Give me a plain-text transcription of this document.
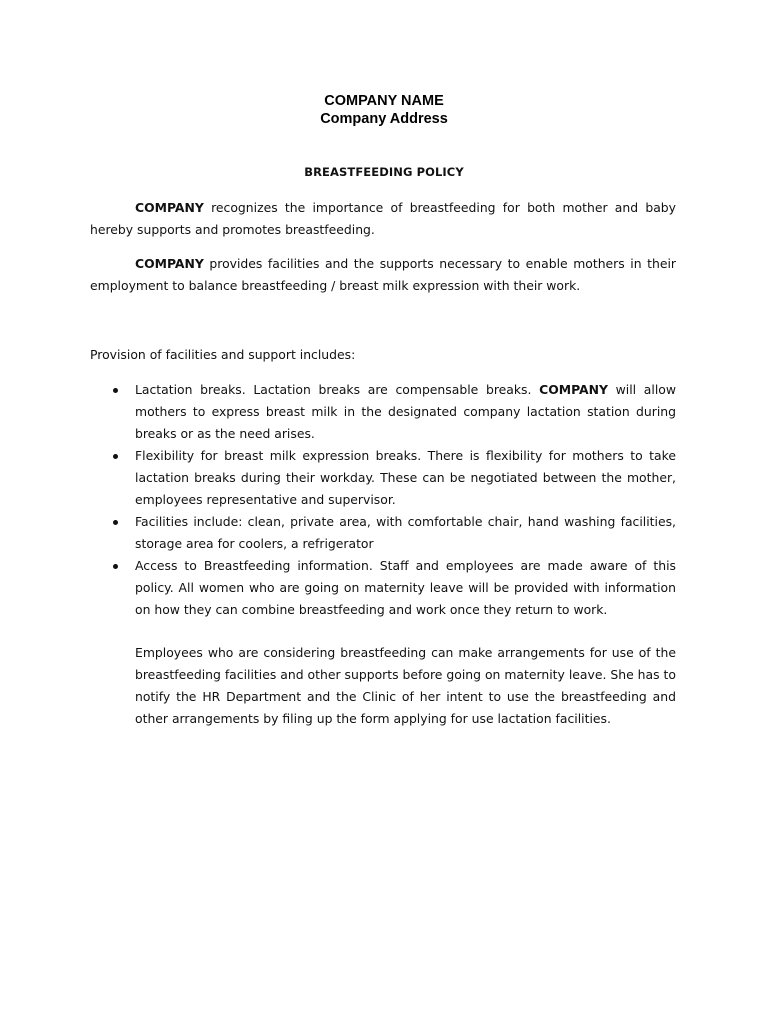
COMPANY NAME
Company Address
BREASTFEEDING POLICY

COMPANY recognizes the importance of breastfeeding for both mother and baby hereby supports and promotes breastfeeding.

COMPANY provides facilities and the supports necessary to enable mothers in their employment to balance breastfeeding / breast milk expression with their work.

Provision of facilities and support includes:

Lactation breaks. Lactation breaks are compensable breaks. COMPANY will allow mothers to express breast milk in the designated company lactation station during breaks or as the need arises.
Flexibility for breast milk expression breaks. There is flexibility for mothers to take lactation breaks during their workday. These can be negotiated between the mother, employees representative and supervisor.
Facilities include: clean, private area, with comfortable chair, hand washing facilities, storage area for coolers, a refrigerator
Access to Breastfeeding information. Staff and employees are made aware of this policy. All women who are going on maternity leave will be provided with information on how they can combine breastfeeding and work once they return to work.

Employees who are considering breastfeeding can make arrangements for use of the breastfeeding facilities and other supports before going on maternity leave. She has to notify the HR Department and the Clinic of her intent to use the breastfeeding and other arrangements by filing up the form applying for use lactation facilities.
